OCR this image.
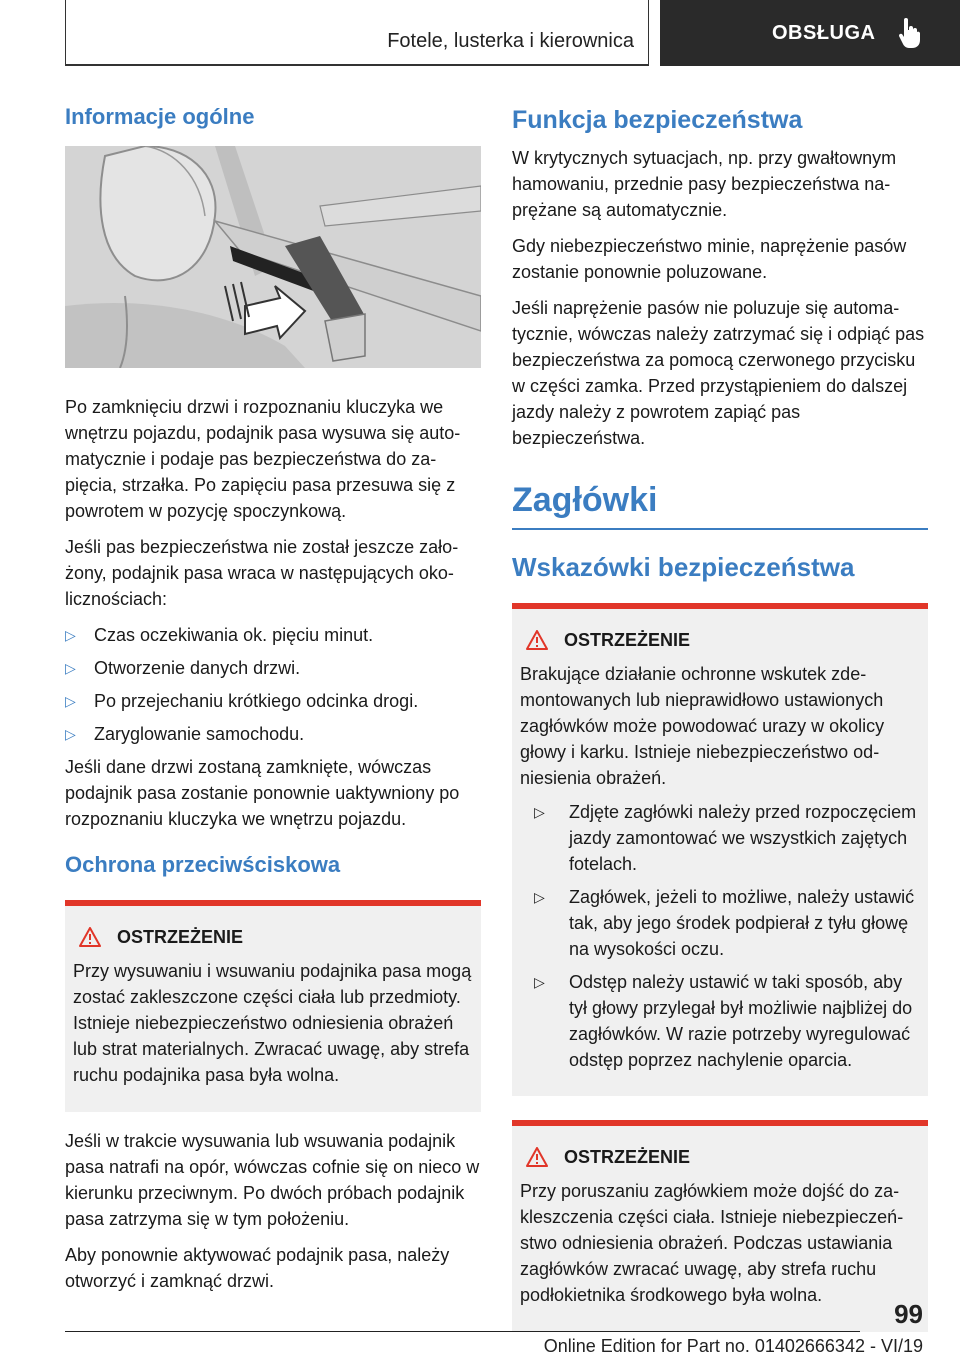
Fotele, lusterka i kierownica	OBSŁUGA
Informacje ogólne

Po zamknięciu drzwi i rozpoznaniu kluczyka we wnętrzu pojazdu, podajnik pasa wysuwa się automatycznie i podaje pas bezpieczeństwa do zapięcia, strzałka. Po zapięciu pasa przesuwa się z powrotem w pozycję spoczynkową.

Jeśli pas bezpieczeństwa nie został jeszcze założony, podajnik pasa wraca w następujących okolicznościach:

▷ Czas oczekiwania ok. pięciu minut.
▷ Otworzenie danych drzwi.
▷ Po przejechaniu krótkiego odcinka drogi.
▷ Zaryglowanie samochodu.

Jeśli dane drzwi zostaną zamknięte, wówczas podajnik pasa zostanie ponownie uaktywniony po rozpoznaniu kluczyka we wnętrzu pojazdu.

Ochrona przeciwściskowa
OSTRZEŻENIE

Przy wysuwaniu i wsuwaniu podajnika pasa mogą zostać zakleszczone części ciała lub przedmioty. Istnieje niebezpieczeństwo odniesienia obrażeń lub strat materialnych. Zwracać uwagę, aby strefa ruchu podajnika pasa była wolna.

Jeśli w trakcie wysuwania lub wsuwania podajnik pasa natrafi na opór, wówczas cofnie się on nieco w kierunku przeciwnym. Po dwóch próbach podajnik pasa zatrzyma się w tym położeniu.

Aby ponownie aktywować podajnik pasa, należy otworzyć i zamknąć drzwi.

Funkcja bezpieczeństwa

W krytycznych sytuacjach, np. przy gwałtownym hamowaniu, przednie pasy bezpieczeństwa naprężane są automatycznie.

Gdy niebezpieczeństwo minie, naprężenie pasów zostanie ponownie poluzowane.

Jeśli naprężenie pasów nie poluzuje się automatycznie, wówczas należy zatrzymać się i odpiąć pas bezpieczeństwa za pomocą czerwonego przycisku w części zamka. Przed przystąpieniem do dalszej jazdy należy z powrotem zapiąć pas bezpieczeństwa.

Zagłówki
Wskazówki bezpieczeństwa
OSTRZEŻENIE

Brakujące działanie ochronne wskutek zdemontowanych lub nieprawidłowo ustawionych zagłówków może powodować urazy w okolicy głowy i karku. Istnieje niebezpieczeństwo odniesienia obrażeń.

▷ Zdjęte zagłówki należy przed rozpoczęciem jazdy zamontować we wszystkich zajętych fotelach.
▷ Zagłówek, jeżeli to możliwe, należy ustawić tak, aby jego środek podpierał z tyłu głowę na wysokości oczu.
▷ Odstęp należy ustawić w taki sposób, aby tył głowy przylegał był możliwie najbliżej do zagłówków. W razie potrzeby wyregulować odstęp poprzez nachylenie oparcia.
OSTRZEŻENIE

Przy poruszaniu zagłówkiem może dojść do zakleszczenia części ciała. Istnieje niebezpieczeństwo odniesienia obrażeń. Podczas ustawiania zagłówków zwracać uwagę, aby strefa ruchu podłokietnika środkowego była wolna.

99
Online Edition for Part no. 01402666342 - VI/19
